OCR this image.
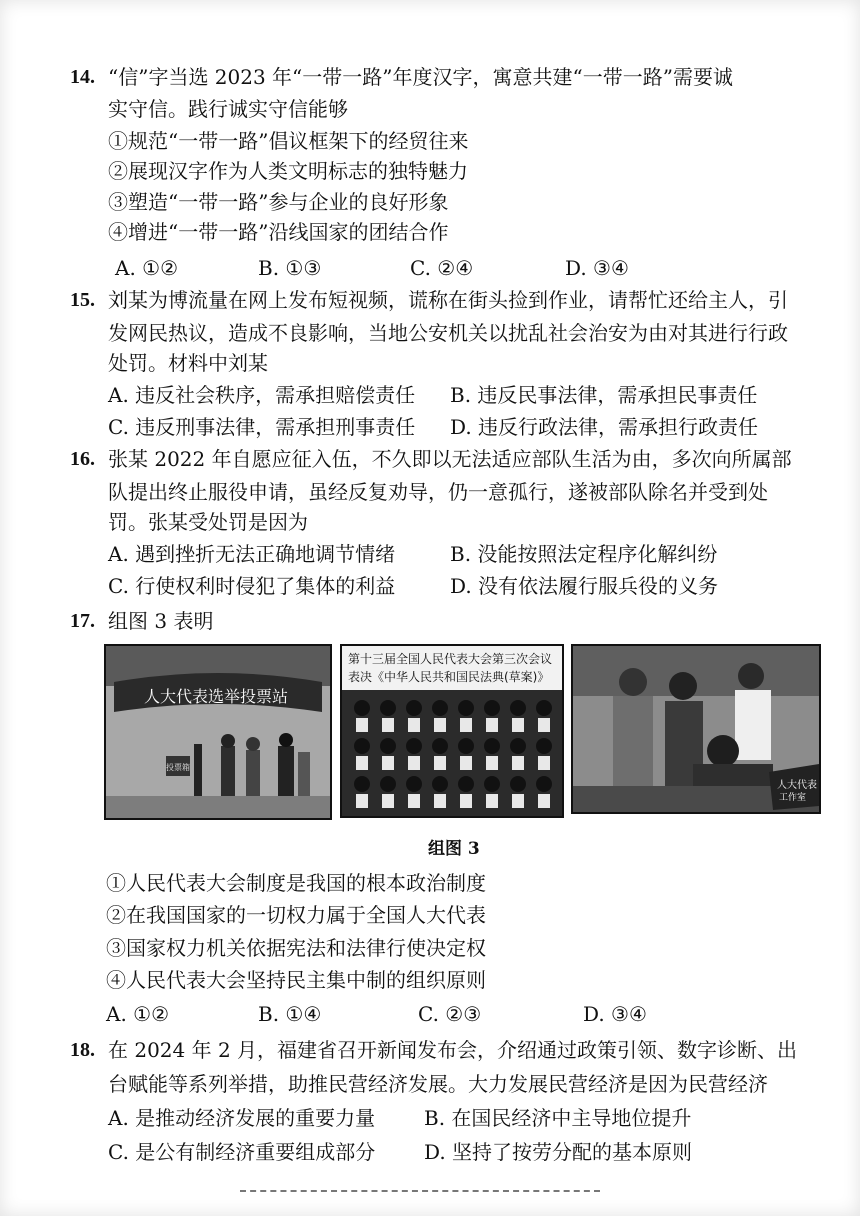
14. “信”字当选 2023 年“一带一路”年度汉字，寓意共建“一带一路”需要诚
实守信。践行诚实守信能够
①规范“一带一路”倡议框架下的经贸往来
②展现汉字作为人类文明标志的独特魅力
③塑造“一带一路”参与企业的良好形象
④增进“一带一路”沿线国家的团结合作
A. ①②	B. ①③	C. ②④	D. ③④
15. 刘某为博流量在网上发布短视频，谎称在街头捡到作业，请帮忙还给主人，引
发网民热议，造成不良影响，当地公安机关以扰乱社会治安为由对其进行行政
处罚。材料中刘某
A. 违反社会秩序，需承担赔偿责任 B. 违反民事法律，需承担民事责任
C. 违反刑事法律，需承担刑事责任 D. 违反行政法律，需承担行政责任
16. 张某 2022 年自愿应征入伍，不久即以无法适应部队生活为由，多次向所属部
队提出终止服役申请，虽经反复劝导，仍一意孤行，遂被部队除名并受到处
罚。张某受处罚是因为
A. 遇到挫折无法正确地调节情绪	B. 没能按照法定程序化解纠纷
C. 行使权利时侵犯了集体的利益	D. 没有依法履行服兵役的义务
17. 组图 3 表明
人大代表选举投票站
投票箱
第十三届全国人民代表大会第三次会议
表决《中华人民共和国民法典(草案)》
人大代表
工作室
组图 3
①人民代表大会制度是我国的根本政治制度
②在我国国家的一切权力属于全国人大代表
③国家权力机关依据宪法和法律行使决定权
④人民代表大会坚持民主集中制的组织原则
A. ①②	B. ①④	C. ②③	D. ③④
18. 在 2024 年 2 月，福建省召开新闻发布会，介绍通过政策引领、数字诊断、出
台赋能等系列举措，助推民营经济发展。大力发展民营经济是因为民营经济
A. 是推动经济发展的重要力量 B. 在国民经济中主导地位提升
C. 是公有制经济重要组成部分 D. 坚持了按劳分配的基本原则
